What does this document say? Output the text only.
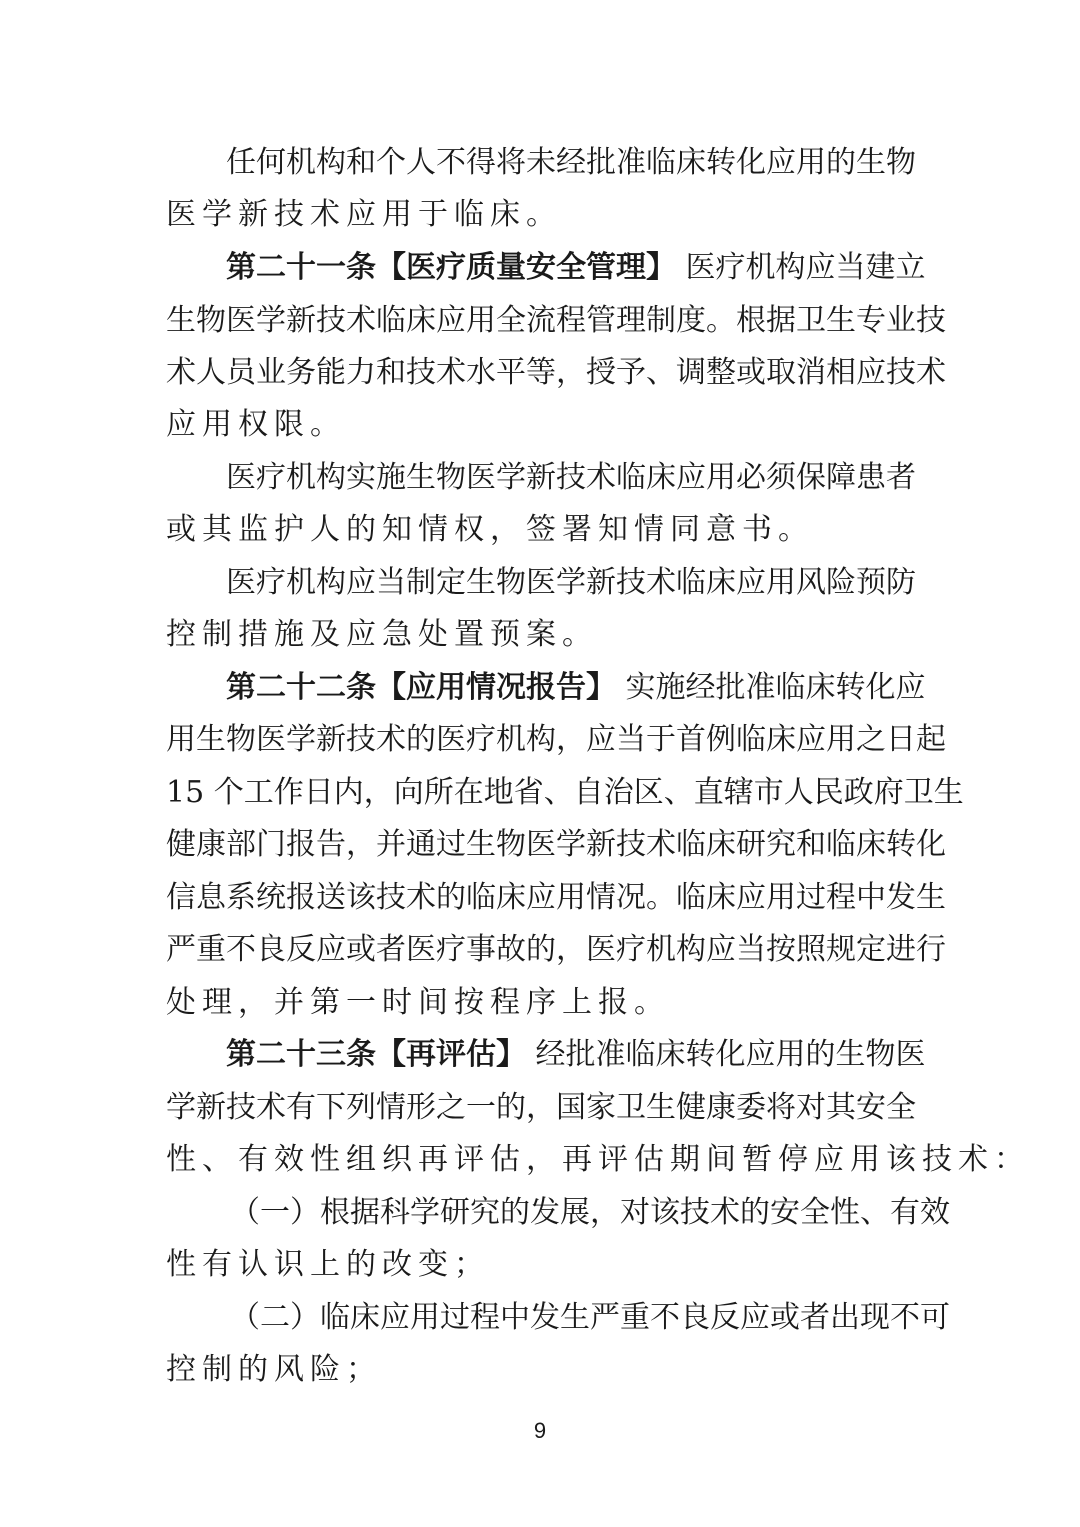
任何机构和个人不得将未经批准临床转化应用的生物
医学新技术应用于临床。
第二十一条【医疗质量安全管理】 医疗机构应当建立
生物医学新技术临床应用全流程管理制度。根据卫生专业技
术人员业务能力和技术水平等，授予、调整或取消相应技术
应用权限。
医疗机构实施生物医学新技术临床应用必须保障患者
或其监护人的知情权，签署知情同意书。
医疗机构应当制定生物医学新技术临床应用风险预防
控制措施及应急处置预案。
第二十二条【应用情况报告】 实施经批准临床转化应
用生物医学新技术的医疗机构，应当于首例临床应用之日起
15 个工作日内，向所在地省、自治区、直辖市人民政府卫生
健康部门报告，并通过生物医学新技术临床研究和临床转化
信息系统报送该技术的临床应用情况。临床应用过程中发生
严重不良反应或者医疗事故的，医疗机构应当按照规定进行
处理，并第一时间按程序上报。
第二十三条【再评估】 经批准临床转化应用的生物医
学新技术有下列情形之一的，国家卫生健康委将对其安全
性、有效性组织再评估，再评估期间暂停应用该技术：
（一）根据科学研究的发展，对该技术的安全性、有效
性有认识上的改变；
（二）临床应用过程中发生严重不良反应或者出现不可
控制的风险；
9
